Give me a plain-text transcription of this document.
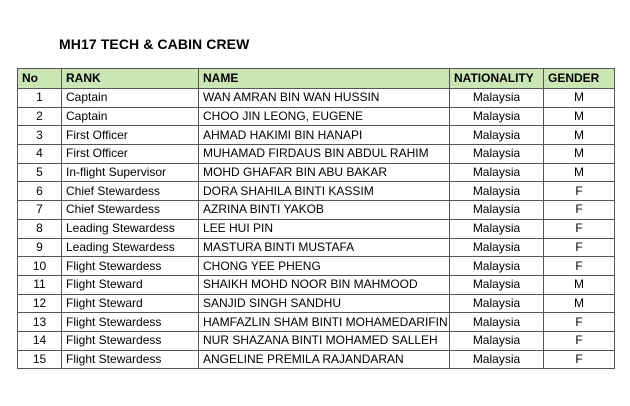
MH17 TECH & CABIN CREW
No	RANK	NAME	NATIONALITY	GENDER
1	Captain	WAN AMRAN BIN WAN HUSSIN	Malaysia	M
2	Captain	CHOO JIN LEONG, EUGENE	Malaysia	M
3	First Officer	AHMAD HAKIMI BIN HANAPI	Malaysia	M
4	First Officer	MUHAMAD FIRDAUS BIN ABDUL RAHIM	Malaysia	M
5	In-flight Supervisor	MOHD GHAFAR BIN ABU BAKAR	Malaysia	M
6	Chief Stewardess	DORA SHAHILA BINTI KASSIM	Malaysia	F
7	Chief Stewardess	AZRINA BINTI YAKOB	Malaysia	F
8	Leading Stewardess	LEE HUI PIN	Malaysia	F
9	Leading Stewardess	MASTURA BINTI MUSTAFA	Malaysia	F
10	Flight Stewardess	CHONG YEE PHENG	Malaysia	F
11	Flight Steward	SHAIKH MOHD NOOR BIN MAHMOOD	Malaysia	M
12	Flight Steward	SANJID SINGH SANDHU	Malaysia	M
13	Flight Stewardess	HAMFAZLIN SHAM BINTI MOHAMEDARIFIN	Malaysia	F
14	Flight Stewardess	NUR SHAZANA BINTI MOHAMED SALLEH	Malaysia	F
15	Flight Stewardess	ANGELINE PREMILA RAJANDARAN	Malaysia	F
